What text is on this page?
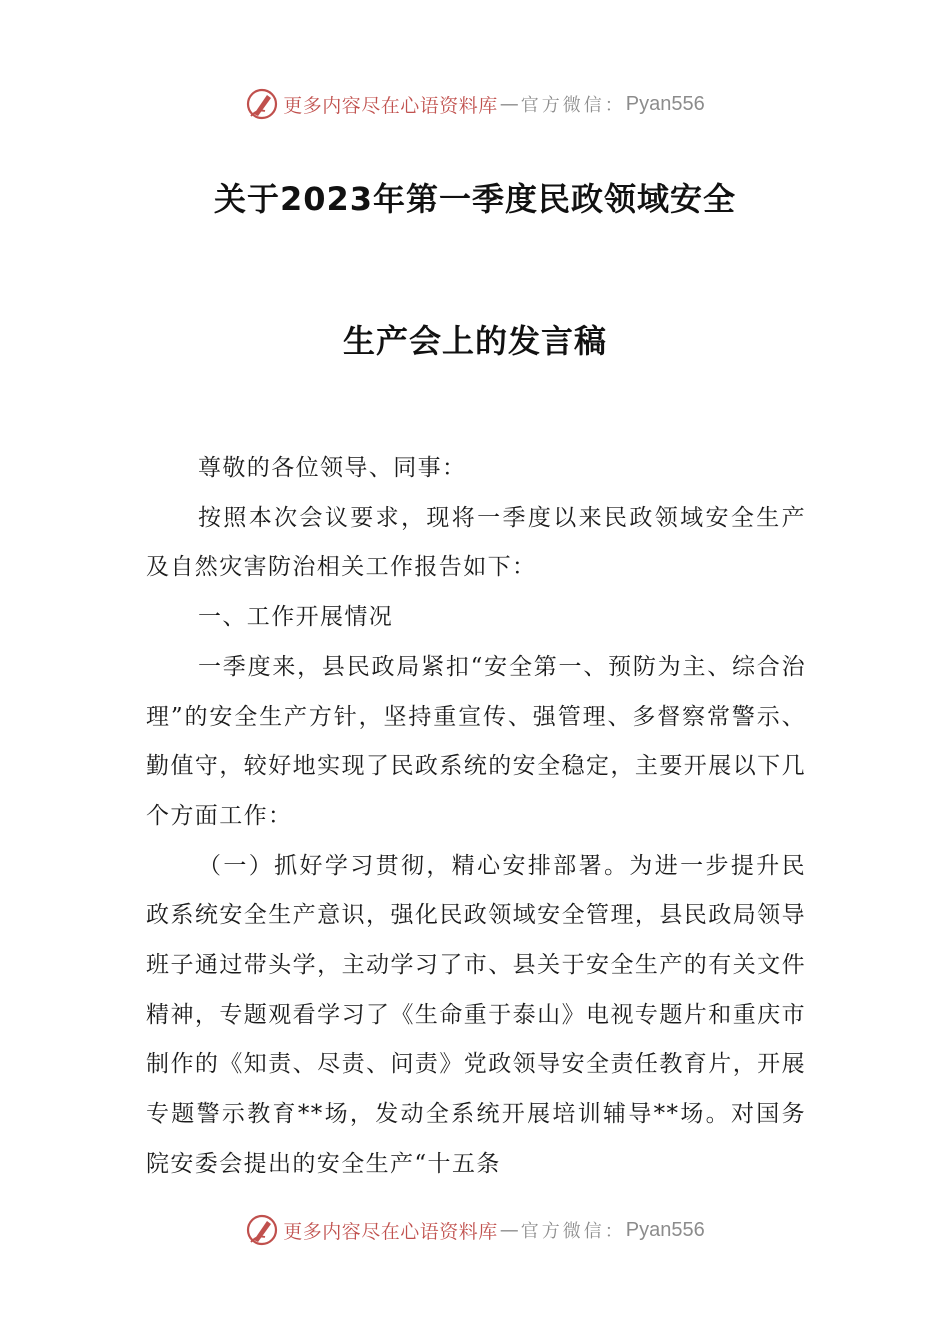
更多内容尽在心语资料库 — 官方微信： Pyan556
关于2023年第一季度民政领域安全
生产会上的发言稿

尊敬的各位领导、同事：

按照本次会议要求，现将一季度以来民政领域安全生产及自然灾害防治相关工作报告如下：

一、工作开展情况

一季度来，县民政局紧扣“安全第一、预防为主、综合治理”的安全生产方针，坚持重宣传、强管理、多督察常警示、勤值守，较好地实现了民政系统的安全稳定，主要开展以下几个方面工作：

（一）抓好学习贯彻，精心安排部署。为进一步提升民政系统安全生产意识，强化民政领域安全管理，县民政局领导班子通过带头学，主动学习了市、县关于安全生产的有关文件精神，专题观看学习了《生命重于泰山》电视专题片和重庆市制作的《知责、尽责、问责》党政领导安全责任教育片，开展专题警示教育**场，发动全系统开展培训辅导**场。对国务院安委会提出的安全生产“十五条

更多内容尽在心语资料库 — 官方微信： Pyan556
